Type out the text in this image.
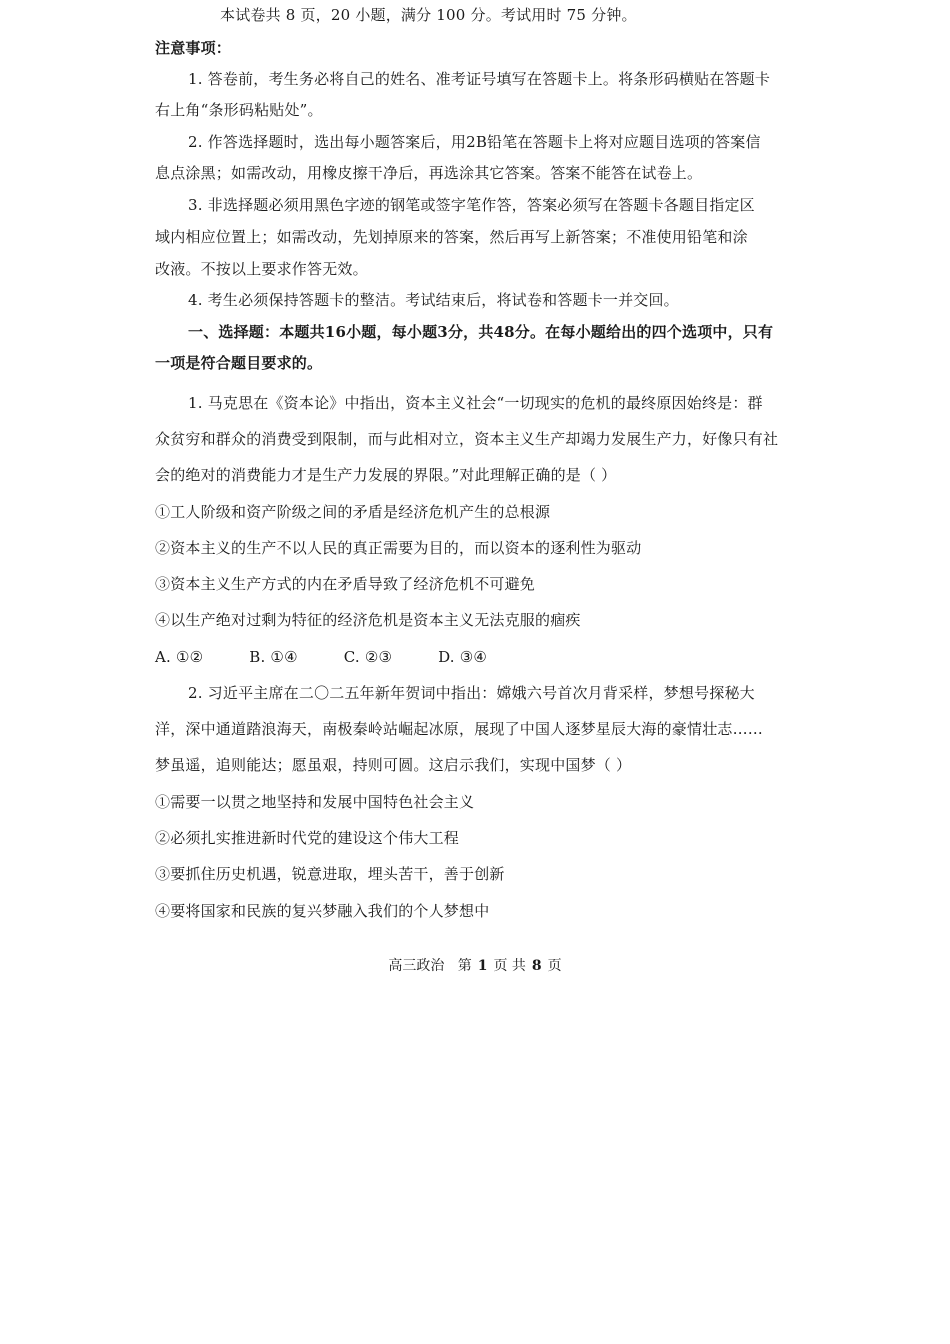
本试卷共 8 页，20 小题，满分 100 分。考试用时 75 分钟。
注意事项：
1. 答卷前，考生务必将自己的姓名、准考证号填写在答题卡上。将条形码横贴在答题卡
右上角“条形码粘贴处”。
2. 作答选择题时，选出每小题答案后，用2B铅笔在答题卡上将对应题目选项的答案信
息点涂黑；如需改动，用橡皮擦干净后，再选涂其它答案。答案不能答在试卷上。
3. 非选择题必须用黑色字迹的钢笔或签字笔作答，答案必须写在答题卡各题目指定区
域内相应位置上；如需改动，先划掉原来的答案，然后再写上新答案；不准使用铅笔和涂
改液。不按以上要求作答无效。
4. 考生必须保持答题卡的整洁。考试结束后，将试卷和答题卡一并交回。
一、选择题：本题共16小题，每小题3分，共48分。在每小题给出的四个选项中，只有
一项是符合题目要求的。
1. 马克思在《资本论》中指出，资本主义社会“一切现实的危机的最终原因始终是：群
众贫穷和群众的消费受到限制，而与此相对立，资本主义生产却竭力发展生产力，好像只有社
会的绝对的消费能力才是生产力发展的界限。”对此理解正确的是（ ）
①工人阶级和资产阶级之间的矛盾是经济危机产生的总根源
②资本主义的生产不以人民的真正需要为目的，而以资本的逐利性为驱动
③资本主义生产方式的内在矛盾导致了经济危机不可避免
④以生产绝对过剩为特征的经济危机是资本主义无法克服的痼疾
A. ①②	B. ①④	C. ②③	D. ③④
2. 习近平主席在二〇二五年新年贺词中指出：嫦娥六号首次月背采样，梦想号探秘大
洋，深中通道踏浪海天，南极秦岭站崛起冰原，展现了中国人逐梦星辰大海的豪情壮志……
梦虽遥，追则能达；愿虽艰，持则可圆。这启示我们，实现中国梦（ ）
①需要一以贯之地坚持和发展中国特色社会主义
②必须扎实推进新时代党的建设这个伟大工程
③要抓住历史机遇，锐意进取，埋头苦干，善于创新
④要将国家和民族的复兴梦融入我们的个人梦想中
高三政治 第 1 页 共 8 页
